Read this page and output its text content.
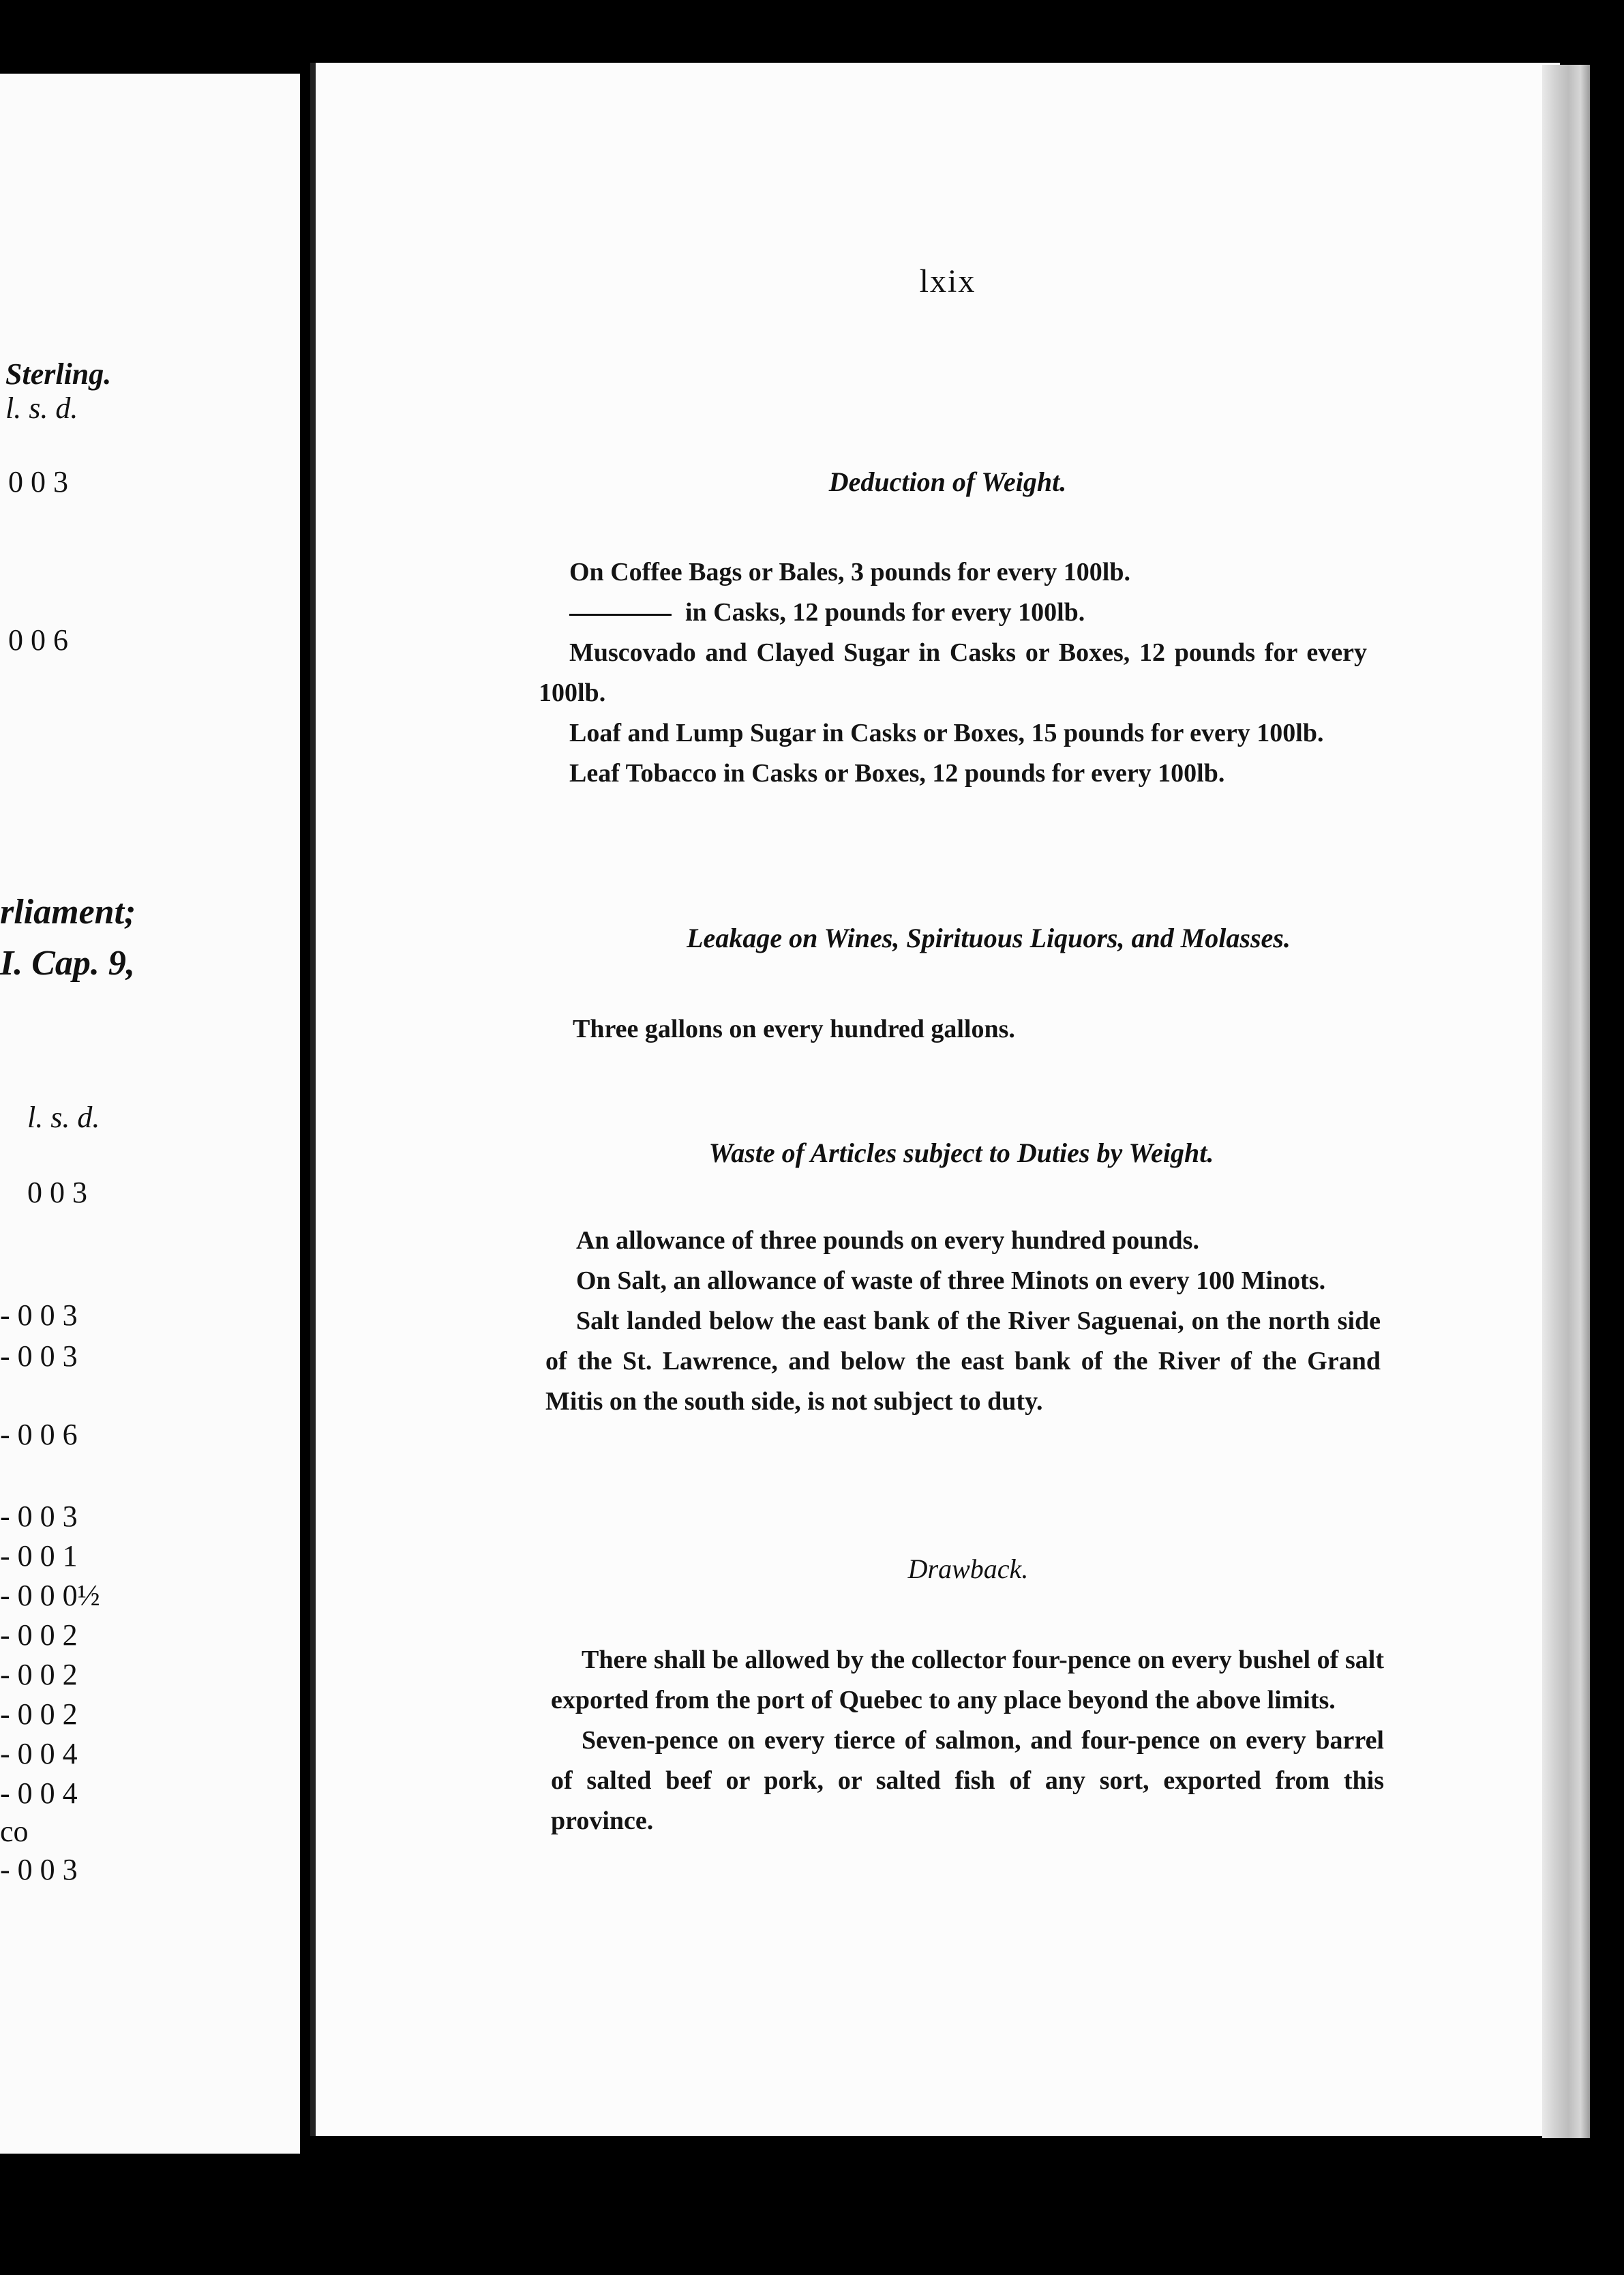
Sterling.
l. s. d.
0 0 3
0 0 6
rliament;
I. Cap. 9,
l. s. d.
0 0 3
- 0 0 3
- 0 0 3
- 0 0 6
- 0 0 3
- 0 0 1
- 0 0 0½
- 0 0 2
- 0 0 2
- 0 0 2
- 0 0 4
- 0 0 4
co
- 0 0 3
lxix
Deduction of Weight.

On Coffee Bags or Bales, 3 pounds for every 100lb.

in Casks, 12 pounds for every 100lb.

Muscovado and Clayed Sugar in Casks or Boxes, 12 pounds for every 100lb.

Loaf and Lump Sugar in Casks or Boxes, 15 pounds for every 100lb.

Leaf Tobacco in Casks or Boxes, 12 pounds for every 100lb.

Leakage on Wines, Spirituous Liquors, and Molasses.

Three gallons on every hundred gallons.

Waste of Articles subject to Duties by Weight.

An allowance of three pounds on every hundred pounds.

On Salt, an allowance of waste of three Minots on every 100 Minots.

Salt landed below the east bank of the River Saguenai, on the north side of the St. Lawrence, and below the east bank of the River of the Grand Mitis on the south side, is not subject to duty.

Drawback.

There shall be allowed by the collector four-pence on every bushel of salt exported from the port of Quebec to any place beyond the above limits.

Seven-pence on every tierce of salmon, and four-pence on every barrel of salted beef or pork, or salted fish of any sort, exported from this province.
